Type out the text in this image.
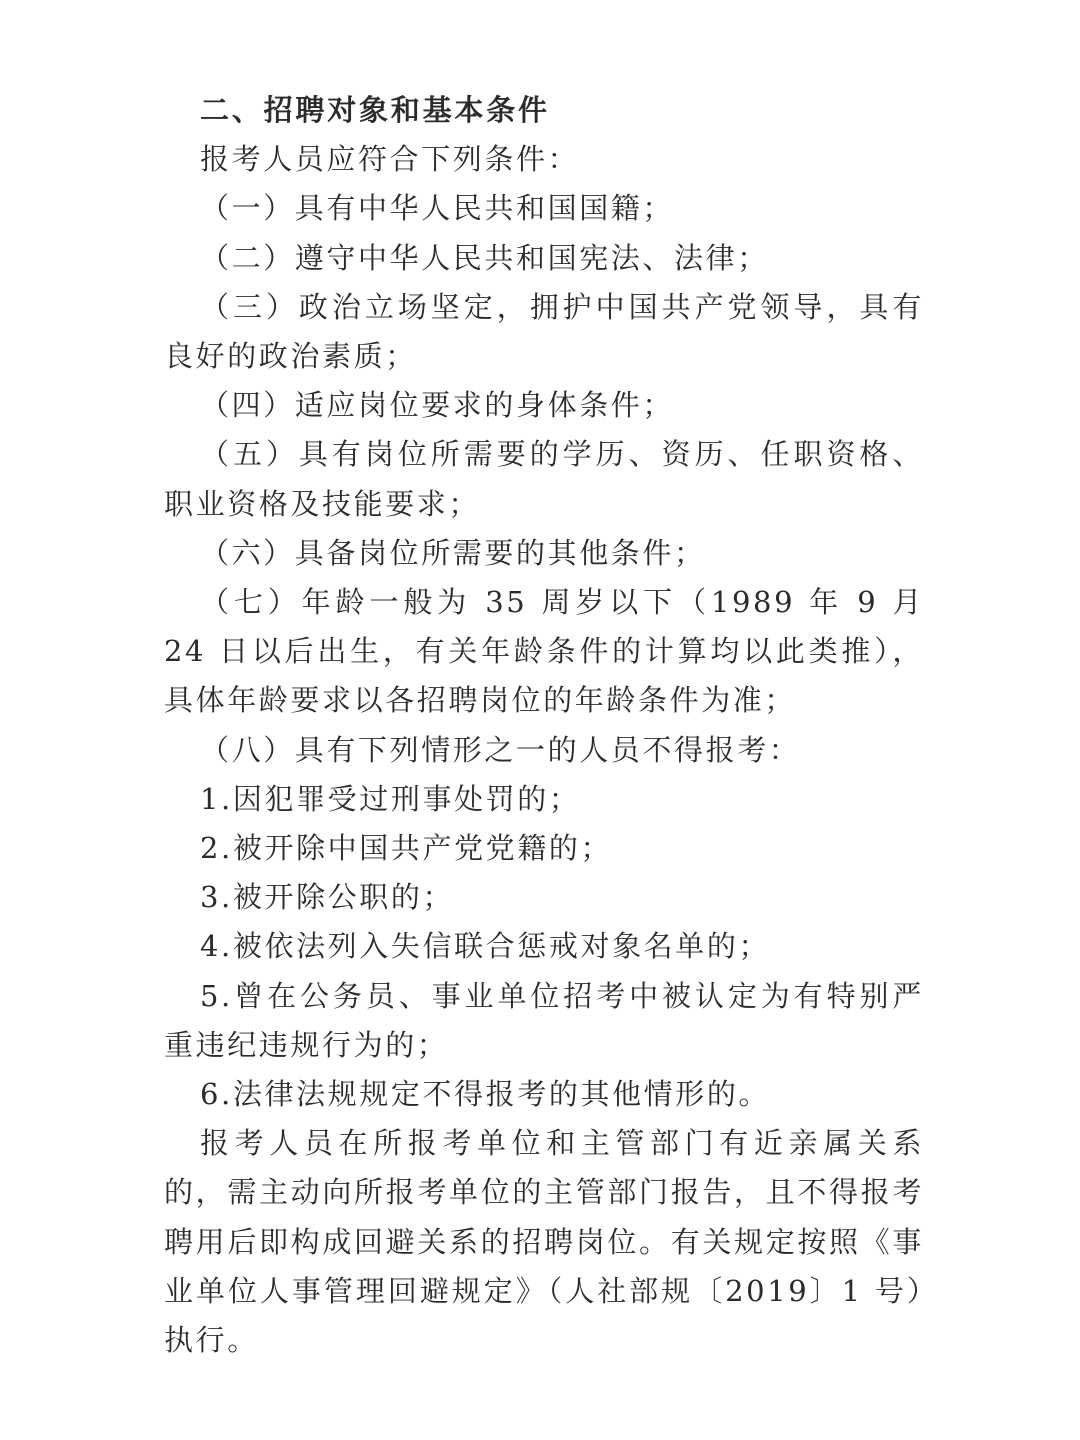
二、招聘对象和基本条件

报考人员应符合下列条件：

（一）具有中华人民共和国国籍；

（二）遵守中华人民共和国宪法、法律；

（三）政治立场坚定，拥护中国共产党领导，具有良好的政治素质；

（四）适应岗位要求的身体条件；

（五）具有岗位所需要的学历、资历、任职资格、职业资格及技能要求；

（六）具备岗位所需要的其他条件；

（七）年龄一般为 35 周岁以下（1989 年 9 月 24 日以后出生，有关年龄条件的计算均以此类推），具体年龄要求以各招聘岗位的年龄条件为准；

（八）具有下列情形之一的人员不得报考：

1.因犯罪受过刑事处罚的；

2.被开除中国共产党党籍的；

3.被开除公职的；

4.被依法列入失信联合惩戒对象名单的；

5.曾在公务员、事业单位招考中被认定为有特别严重违纪违规行为的；

6.法律法规规定不得报考的其他情形的。

报考人员在所报考单位和主管部门有近亲属关系的，需主动向所报考单位的主管部门报告，且不得报考聘用后即构成回避关系的招聘岗位。有关规定按照《事业单位人事管理回避规定》（人社部规〔2019〕1 号）执行。
